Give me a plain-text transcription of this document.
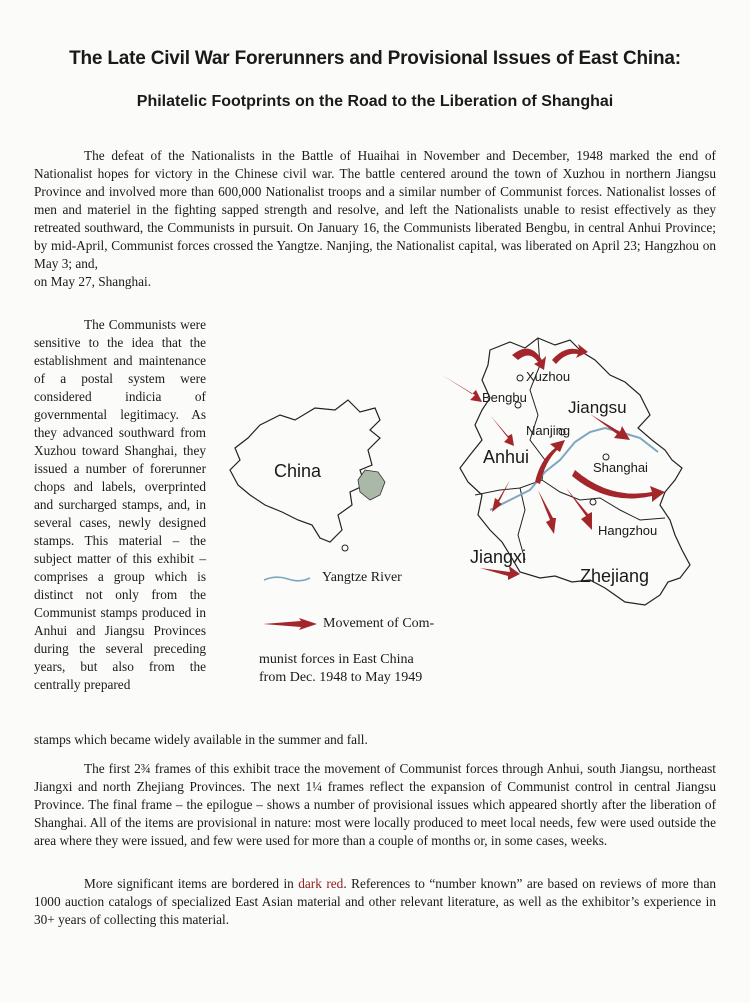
The Late Civil War Forerunners and Provisional Issues of East China:
Philatelic Footprints on the Road to the Liberation of Shanghai
The defeat of the Nationalists in the Battle of Huaihai in November and December, 1948 marked the end of Nationalist hopes for victory in the Chinese civil war. The battle centered around the town of Xuzhou in northern Jiangsu Province and involved more than 600,000 Nationalist troops and a similar number of Communist forces. Nationalist losses of men and materiel in the fighting sapped strength and resolve, and left the Nationalists unable to resist effectively as they retreated southward, the Communists in pursuit. On January 16, the Communists liberated Bengbu, in central Anhui Province; by mid-April, Communist forces crossed the Yangtze. Nanjing, the Nationalist capital, was liberated on April 23; Hangzhou on May 3; and,
on May 27, Shanghai.
The Communists were sensitive to the idea that the establishment and maintenance of a postal system were considered indicia of governmental legitimacy. As they advanced southward from Xuzhou toward Shanghai, they issued a number of forerunner chops and labels, overprinted and surcharged stamps, and, in several cases, newly designed stamps. This material – the subject matter of this exhibit – comprises a group which is distinct not only from the Communist stamps produced in Anhui and Jiangsu Provinces during the several preceding years, but also from the centrally prepared
stamps which became widely available in the summer and fall.
China
Xuzhou
Bengbu
Jiangsu
Nanjing
Anhui
Shanghai
Hangzhou
Jiangxi
Zhejiang
Yangtze River
Movement of Com-
munist forces in East China
from Dec. 1948 to May 1949
The first 2¾ frames of this exhibit trace the movement of Communist forces through Anhui, south Jiangsu, northeast Jiangxi and north Zhejiang Provinces. The next 1¼ frames reflect the expansion of Communist control in central Jiangsu Province. The final frame – the epilogue – shows a number of provisional issues which appeared shortly after the liberation of Shanghai. All of the items are provisional in nature: most were locally produced to meet local needs, few were used outside the area where they were issued, and few were used for more than a couple of months or, in some cases, weeks.
More significant items are bordered in dark red. References to “number known” are based on reviews of more than 1000 auction catalogs of specialized East Asian material and other relevant literature, as well as the exhibitor’s experience in 30+ years of collecting this material.
